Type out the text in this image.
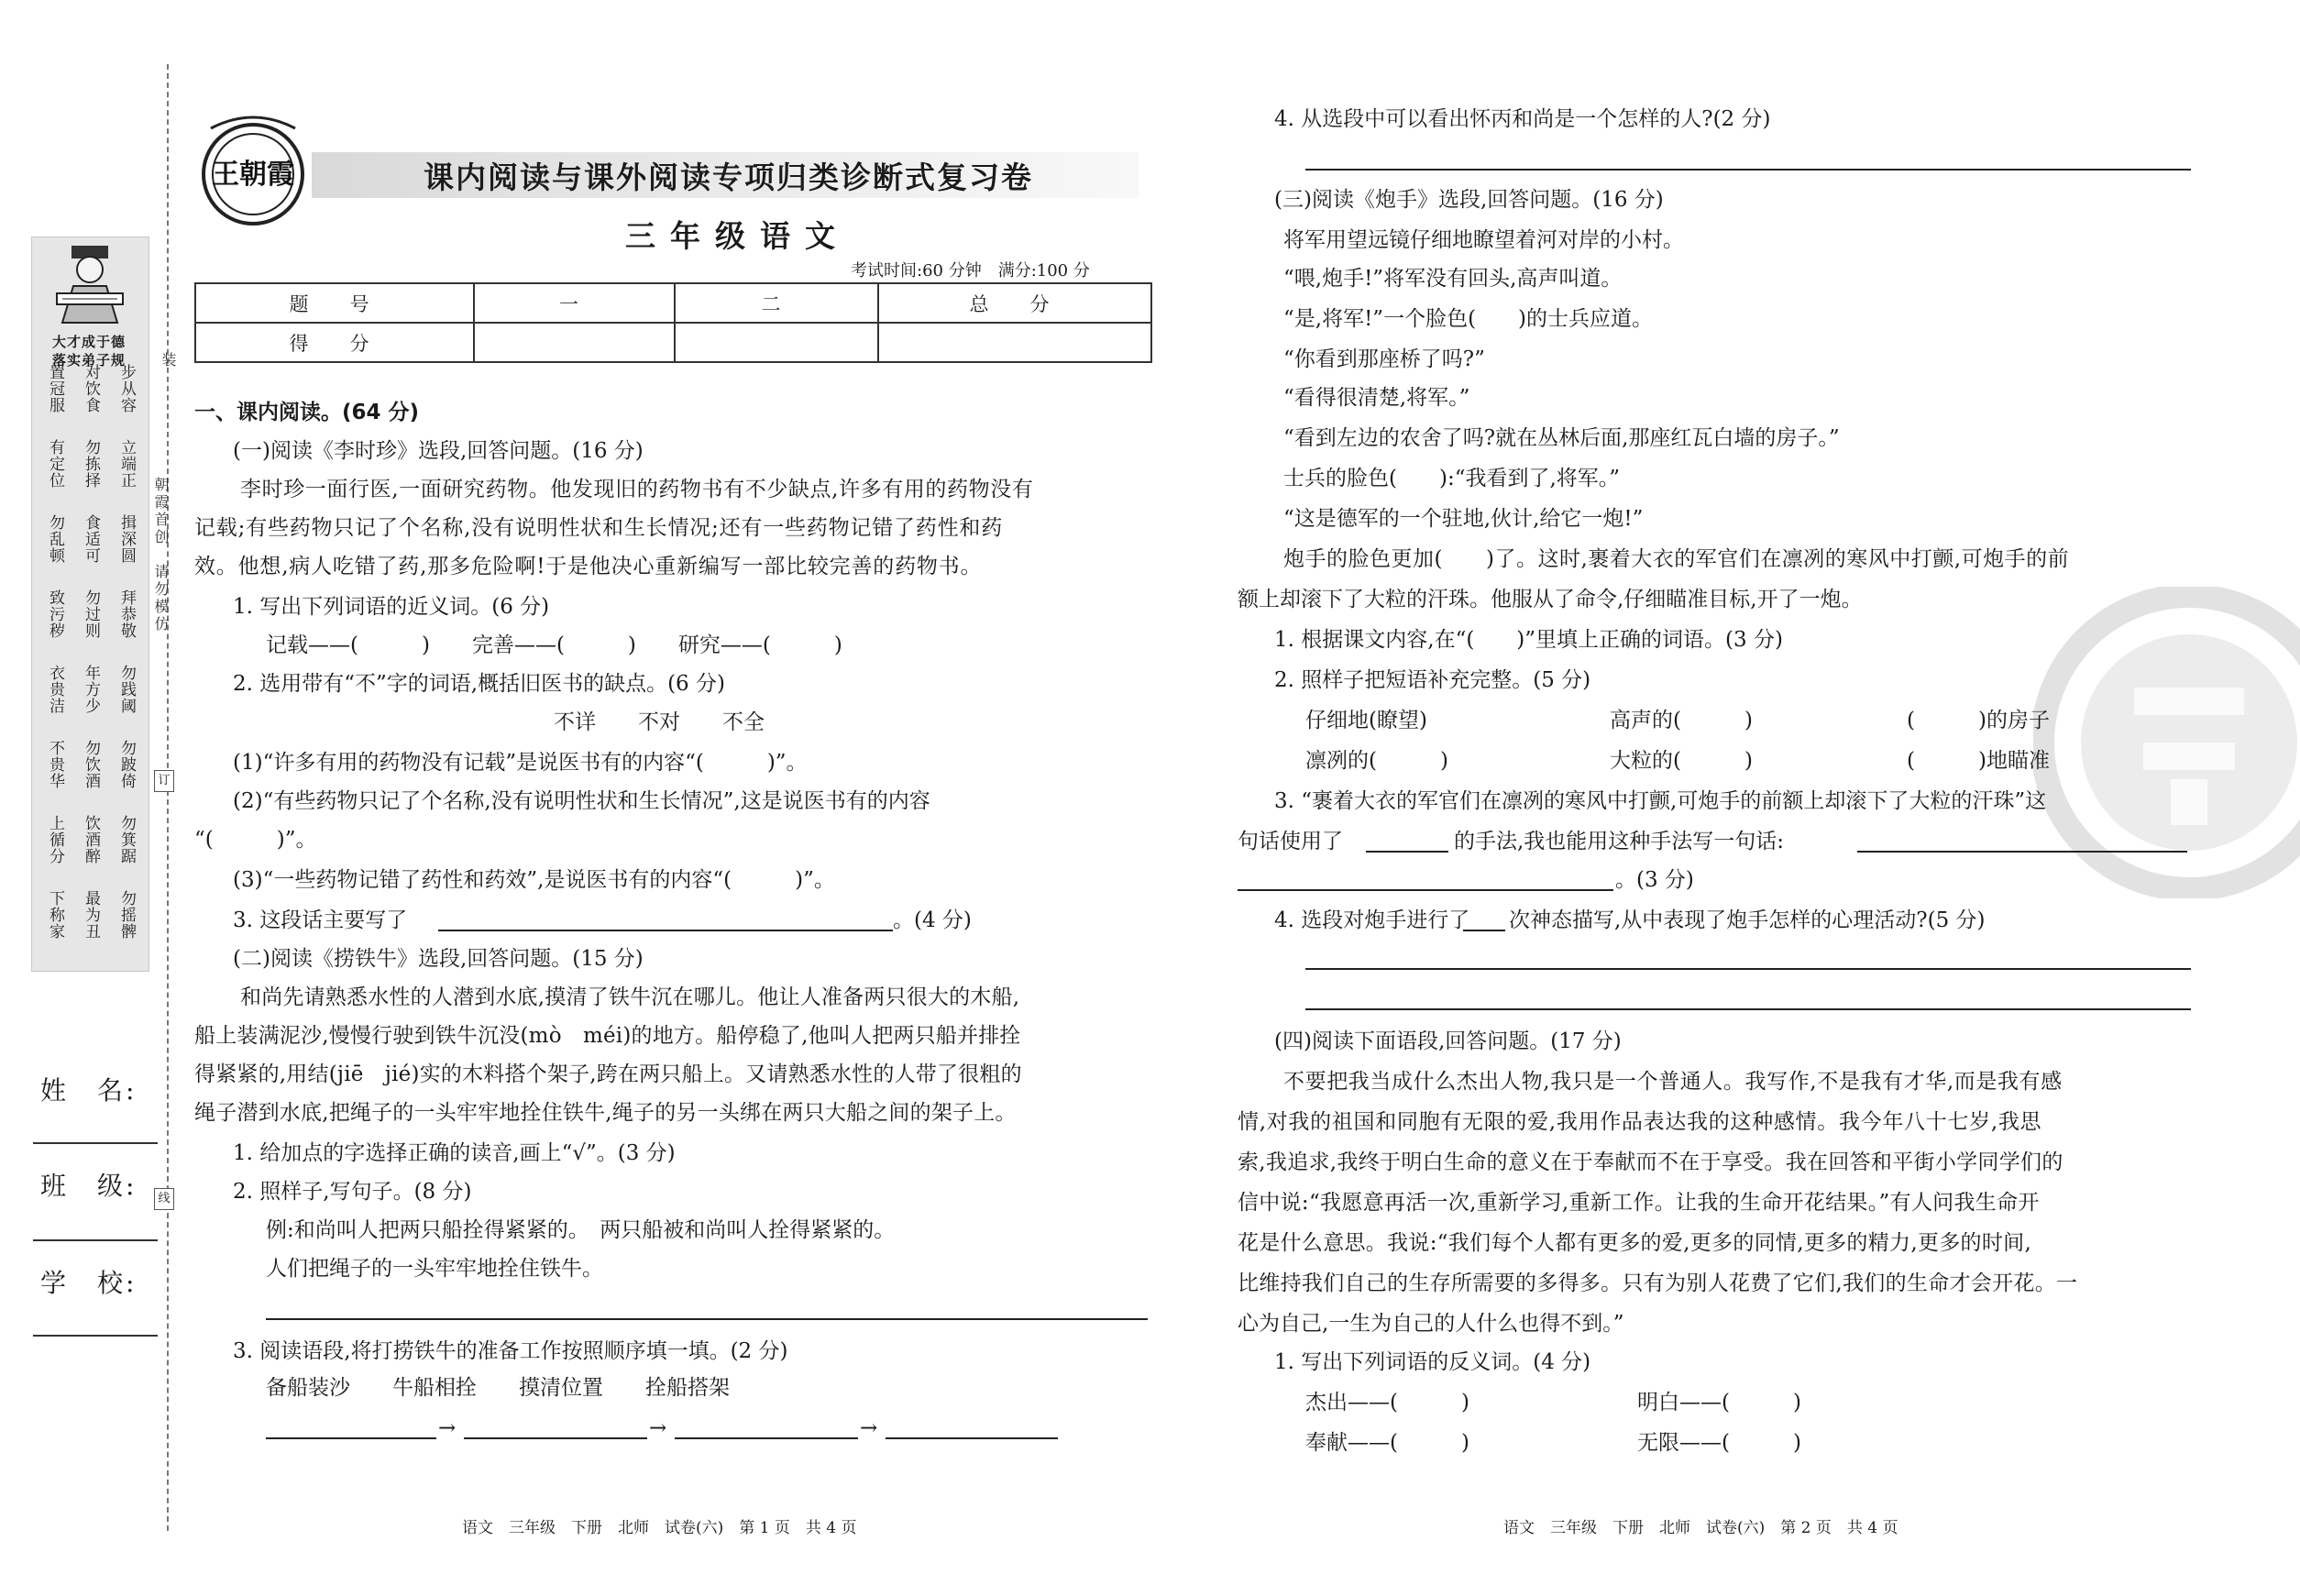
大才成于德
落实弟子规
步从容
立端正
揖深圆
拜恭敬
勿践阈
勿跛倚
勿箕踞
勿摇髀
对饮食
勿拣择
食适可
勿过则
年方少
勿饮酒
饮酒醉
最为丑
置冠服
有定位
勿乱顿
致污秽
衣贵洁
不贵华
上循分
下称家
装
朝霞首创　请勿模仿
订
线
姓　名:
班　级:
学　校:
王朝霞	课内阅读与课外阅读专项归类诊断式复习卷
三年级语文
考试时间:60 分钟　满分:100 分
题　号	一	二	总　分
得　分			
一、课内阅读。(64 分)
(一)阅读《李时珍》选段,回答问题。(16 分)
李时珍一面行医,一面研究药物。他发现旧的药物书有不少缺点,许多有用的药物没有
记载;有些药物只记了个名称,没有说明性状和生长情况;还有一些药物记错了药性和药
效。他想,病人吃错了药,那多危险啊!于是他决心重新编写一部比较完善的药物书。
1. 写出下列词语的近义词。(6 分)
记载——(　　　)　　完善——(　　　)　　研究——(　　　)
2. 选用带有“不”字的词语,概括旧医书的缺点。(6 分)
不详　　不对　　不全
(1)“许多有用的药物没有记载”是说医书有的内容“(　　　)”。
(2)“有些药物只记了个名称,没有说明性状和生长情况”,这是说医书有的内容
“(　　　)”。
(3)“一些药物记错了药性和药效”,是说医书有的内容“(　　　)”。
3. 这段话主要写了	。(4 分)
(二)阅读《捞铁牛》选段,回答问题。(15 分)
和尚先请熟悉水性的人潜到水底,摸清了铁牛沉在哪儿。他让人准备两只很大的木船,
船上装满泥沙,慢慢行驶到铁牛沉没(mò　méi)的地方。船停稳了,他叫人把两只船并排拴
得紧紧的,用结(jiē　jié)实的木料搭个架子,跨在两只船上。又请熟悉水性的人带了很粗的
绳子潜到水底,把绳子的一头牢牢地拴住铁牛,绳子的另一头绑在两只大船之间的架子上。
1. 给加点的字选择正确的读音,画上“√”。(3 分)
2. 照样子,写句子。(8 分)
例:和尚叫人把两只船拴得紧紧的。　两只船被和尚叫人拴得紧紧的。
人们把绳子的一头牢牢地拴住铁牛。
3. 阅读语段,将打捞铁牛的准备工作按照顺序填一填。(2 分)
备船装沙　　牛船相拴　　摸清位置　　拴船搭架
→	→	→
4. 从选段中可以看出怀丙和尚是一个怎样的人?(2 分)
(三)阅读《炮手》选段,回答问题。(16 分)
将军用望远镜仔细地瞭望着河对岸的小村。
“喂,炮手!”将军没有回头,高声叫道。
“是,将军!”一个脸色(　　)的士兵应道。
“你看到那座桥了吗?”
“看得很清楚,将军。”
“看到左边的农舍了吗?就在丛林后面,那座红瓦白墙的房子。”
士兵的脸色(　　):“我看到了,将军。”
“这是德军的一个驻地,伙计,给它一炮!”
炮手的脸色更加(　　)了。这时,裹着大衣的军官们在凛冽的寒风中打颤,可炮手的前
额上却滚下了大粒的汗珠。他服从了命令,仔细瞄准目标,开了一炮。
1. 根据课文内容,在“(　　)”里填上正确的词语。(3 分)
2. 照样子把短语补充完整。(5 分)
仔细地(瞭望)	高声的(　　　)	(　　　)的房子
凛冽的(　　　)	大粒的(　　　)	(　　　)地瞄准
3. “裹着大衣的军官们在凛冽的寒风中打颤,可炮手的前额上却滚下了大粒的汗珠”这
句话使用了	的手法,我也能用这种手法写一句话:
。(3 分)
4. 选段对炮手进行了 次神态描写,从中表现了炮手怎样的心理活动?(5 分)
(四)阅读下面语段,回答问题。(17 分)
不要把我当成什么杰出人物,我只是一个普通人。我写作,不是我有才华,而是我有感
情,对我的祖国和同胞有无限的爱,我用作品表达我的这种感情。我今年八十七岁,我思
索,我追求,我终于明白生命的意义在于奉献而不在于享受。我在回答和平街小学同学们的
信中说:“我愿意再活一次,重新学习,重新工作。让我的生命开花结果。”有人问我生命开
花是什么意思。我说:“我们每个人都有更多的爱,更多的同情,更多的精力,更多的时间,
比维持我们自己的生存所需要的多得多。只有为别人花费了它们,我们的生命才会开花。一
心为自己,一生为自己的人什么也得不到。”
1. 写出下列词语的反义词。(4 分)
杰出——(　　　)	明白——(　　　)
奉献——(　　　)	无限——(　　　)
语文　三年级　下册　北师　试卷(六)　第 1 页　共 4 页	语文　三年级　下册　北师　试卷(六)　第 2 页　共 4 页
